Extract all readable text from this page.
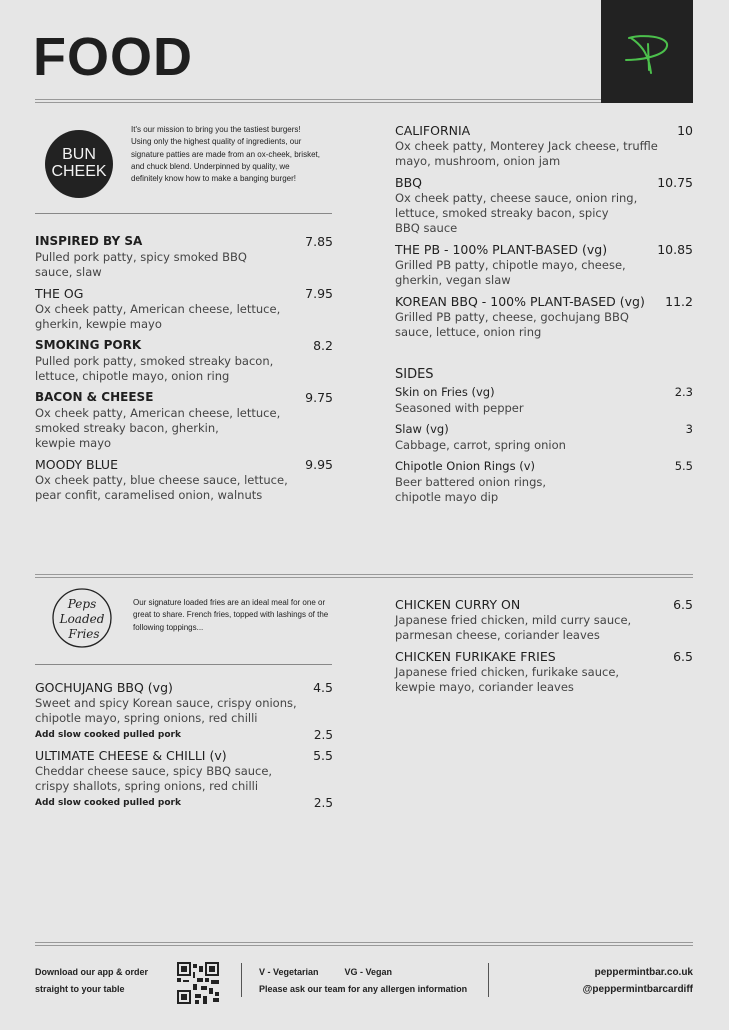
FOOD
BUN
CHEEK
It's our mission to bring you the tastiest burgers! Using only the highest quality of ingredients, our signature patties are made from an ox-cheek, brisket, and chuck blend. Underpinned by quality, we definitely know how to make a banging burger!
INSPIRED BY SA	7.85
Pulled pork patty, spicy smoked BBQ
sauce, slaw
THE OG	7.95
Ox cheek patty, American cheese, lettuce,
gherkin, kewpie mayo
SMOKING PORK	8.2
Pulled pork patty, smoked streaky bacon,
lettuce, chipotle mayo, onion ring
BACON & CHEESE	9.75
Ox cheek patty, American cheese, lettuce,
smoked streaky bacon, gherkin,
kewpie mayo
MOODY BLUE	9.95
Ox cheek patty, blue cheese sauce, lettuce,
pear confit, caramelised onion, walnuts
CALIFORNIA	10
Ox cheek patty, Monterey Jack cheese, truffle
mayo, mushroom, onion jam
BBQ	10.75
Ox cheek patty, cheese sauce, onion ring,
lettuce, smoked streaky bacon, spicy
BBQ sauce
THE PB - 100% PLANT-BASED (vg)	10.85
Grilled PB patty, chipotle mayo, cheese,
gherkin, vegan slaw
KOREAN BBQ - 100% PLANT-BASED (vg) 11.2
Grilled PB patty, cheese, gochujang BBQ
sauce, lettuce, onion ring
SIDES
Skin on Fries (vg)	2.3
Seasoned with pepper
Slaw (vg)	3
Cabbage, carrot, spring onion
Chipotle Onion Rings (v)	5.5
Beer battered onion rings,
chipotle mayo dip
Peps
Loaded
Fries
Our signature loaded fries are an ideal meal for one or great to share. French fries, topped with lashings of the following toppings...
GOCHUJANG BBQ (vg)	4.5
Sweet and spicy Korean sauce, crispy onions,
chipotle mayo, spring onions, red chilli
Add slow cooked pulled pork	2.5
ULTIMATE CHEESE & CHILLI (v)	5.5
Cheddar cheese sauce, spicy BBQ sauce,
crispy shallots, spring onions, red chilli
Add slow cooked pulled pork	2.5
CHICKEN CURRY ON	6.5
Japanese fried chicken, mild curry sauce,
parmesan cheese, coriander leaves
CHICKEN FURIKAKE FRIES	6.5
Japanese fried chicken, furikake sauce,
kewpie mayo, coriander leaves
Download our app & order
straight to your table
V - Vegetarian	VG - Vegan
Please ask our team for any allergen information
peppermintbar.co.uk
@peppermintbarcardiff
